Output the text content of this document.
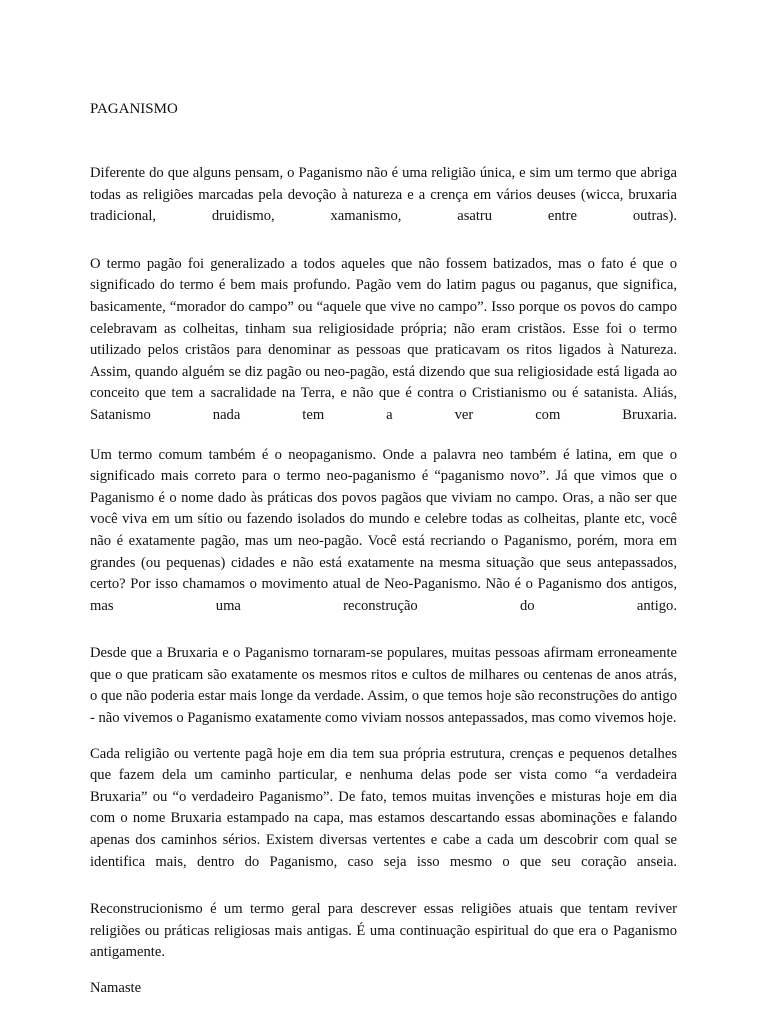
PAGANISMO

Diferente do que alguns pensam, o Paganismo não é uma religião única, e sim um termo que abriga todas as religiões marcadas pela devoção à natureza e a crença em vários deuses (wicca, bruxaria tradicional, druidismo, xamanismo, asatru entre outras).

O termo pagão foi generalizado a todos aqueles que não fossem batizados, mas o fato é que o significado do termo é bem mais profundo. Pagão vem do latim pagus ou paganus, que significa, basicamente, “morador do campo” ou “aquele que vive no campo”. Isso porque os povos do campo celebravam as colheitas, tinham sua religiosidade própria; não eram cristãos. Esse foi o termo utilizado pelos cristãos para denominar as pessoas que praticavam os ritos ligados à Natureza. Assim, quando alguém se diz pagão ou neo-pagão, está dizendo que sua religiosidade está ligada ao conceito que tem a sacralidade na Terra, e não que é contra o Cristianismo ou é satanista. Aliás, Satanismo nada tem a ver com Bruxaria.

Um termo comum também é o neopaganismo. Onde a palavra neo também é latina, em que o significado mais correto para o termo neo-paganismo é “paganismo novo”. Já que vimos que o Paganismo é o nome dado às práticas dos povos pagãos que viviam no campo. Oras, a não ser que você viva em um sítio ou fazendo isolados do mundo e celebre todas as colheitas, plante etc, você não é exatamente pagão, mas um neo-pagão. Você está recriando o Paganismo, porém, mora em grandes (ou pequenas) cidades e não está exatamente na mesma situação que seus antepassados, certo? Por isso chamamos o movimento atual de Neo-Paganismo. Não é o Paganismo dos antigos, mas uma reconstrução do antigo.

Desde que a Bruxaria e o Paganismo tornaram-se populares, muitas pessoas afirmam erroneamente que o que praticam são exatamente os mesmos ritos e cultos de milhares ou centenas de anos atrás, o que não poderia estar mais longe da verdade. Assim, o que temos hoje são reconstruções do antigo - não vivemos o Paganismo exatamente como viviam nossos antepassados, mas como vivemos hoje.

Cada religião ou vertente pagã hoje em dia tem sua própria estrutura, crenças e pequenos detalhes que fazem dela um caminho particular, e nenhuma delas pode ser vista como “a verdadeira Bruxaria” ou “o verdadeiro Paganismo”. De fato, temos muitas invenções e misturas hoje em dia com o nome Bruxaria estampado na capa, mas estamos descartando essas abominações e falando apenas dos caminhos sérios. Existem diversas vertentes e cabe a cada um descobrir com qual se identifica mais, dentro do Paganismo, caso seja isso mesmo o que seu coração anseia.

Reconstrucionismo é um termo geral para descrever essas religiões atuais que tentam reviver religiões ou práticas religiosas mais antigas. É uma continuação espiritual do que era o Paganismo antigamente.

Namaste
